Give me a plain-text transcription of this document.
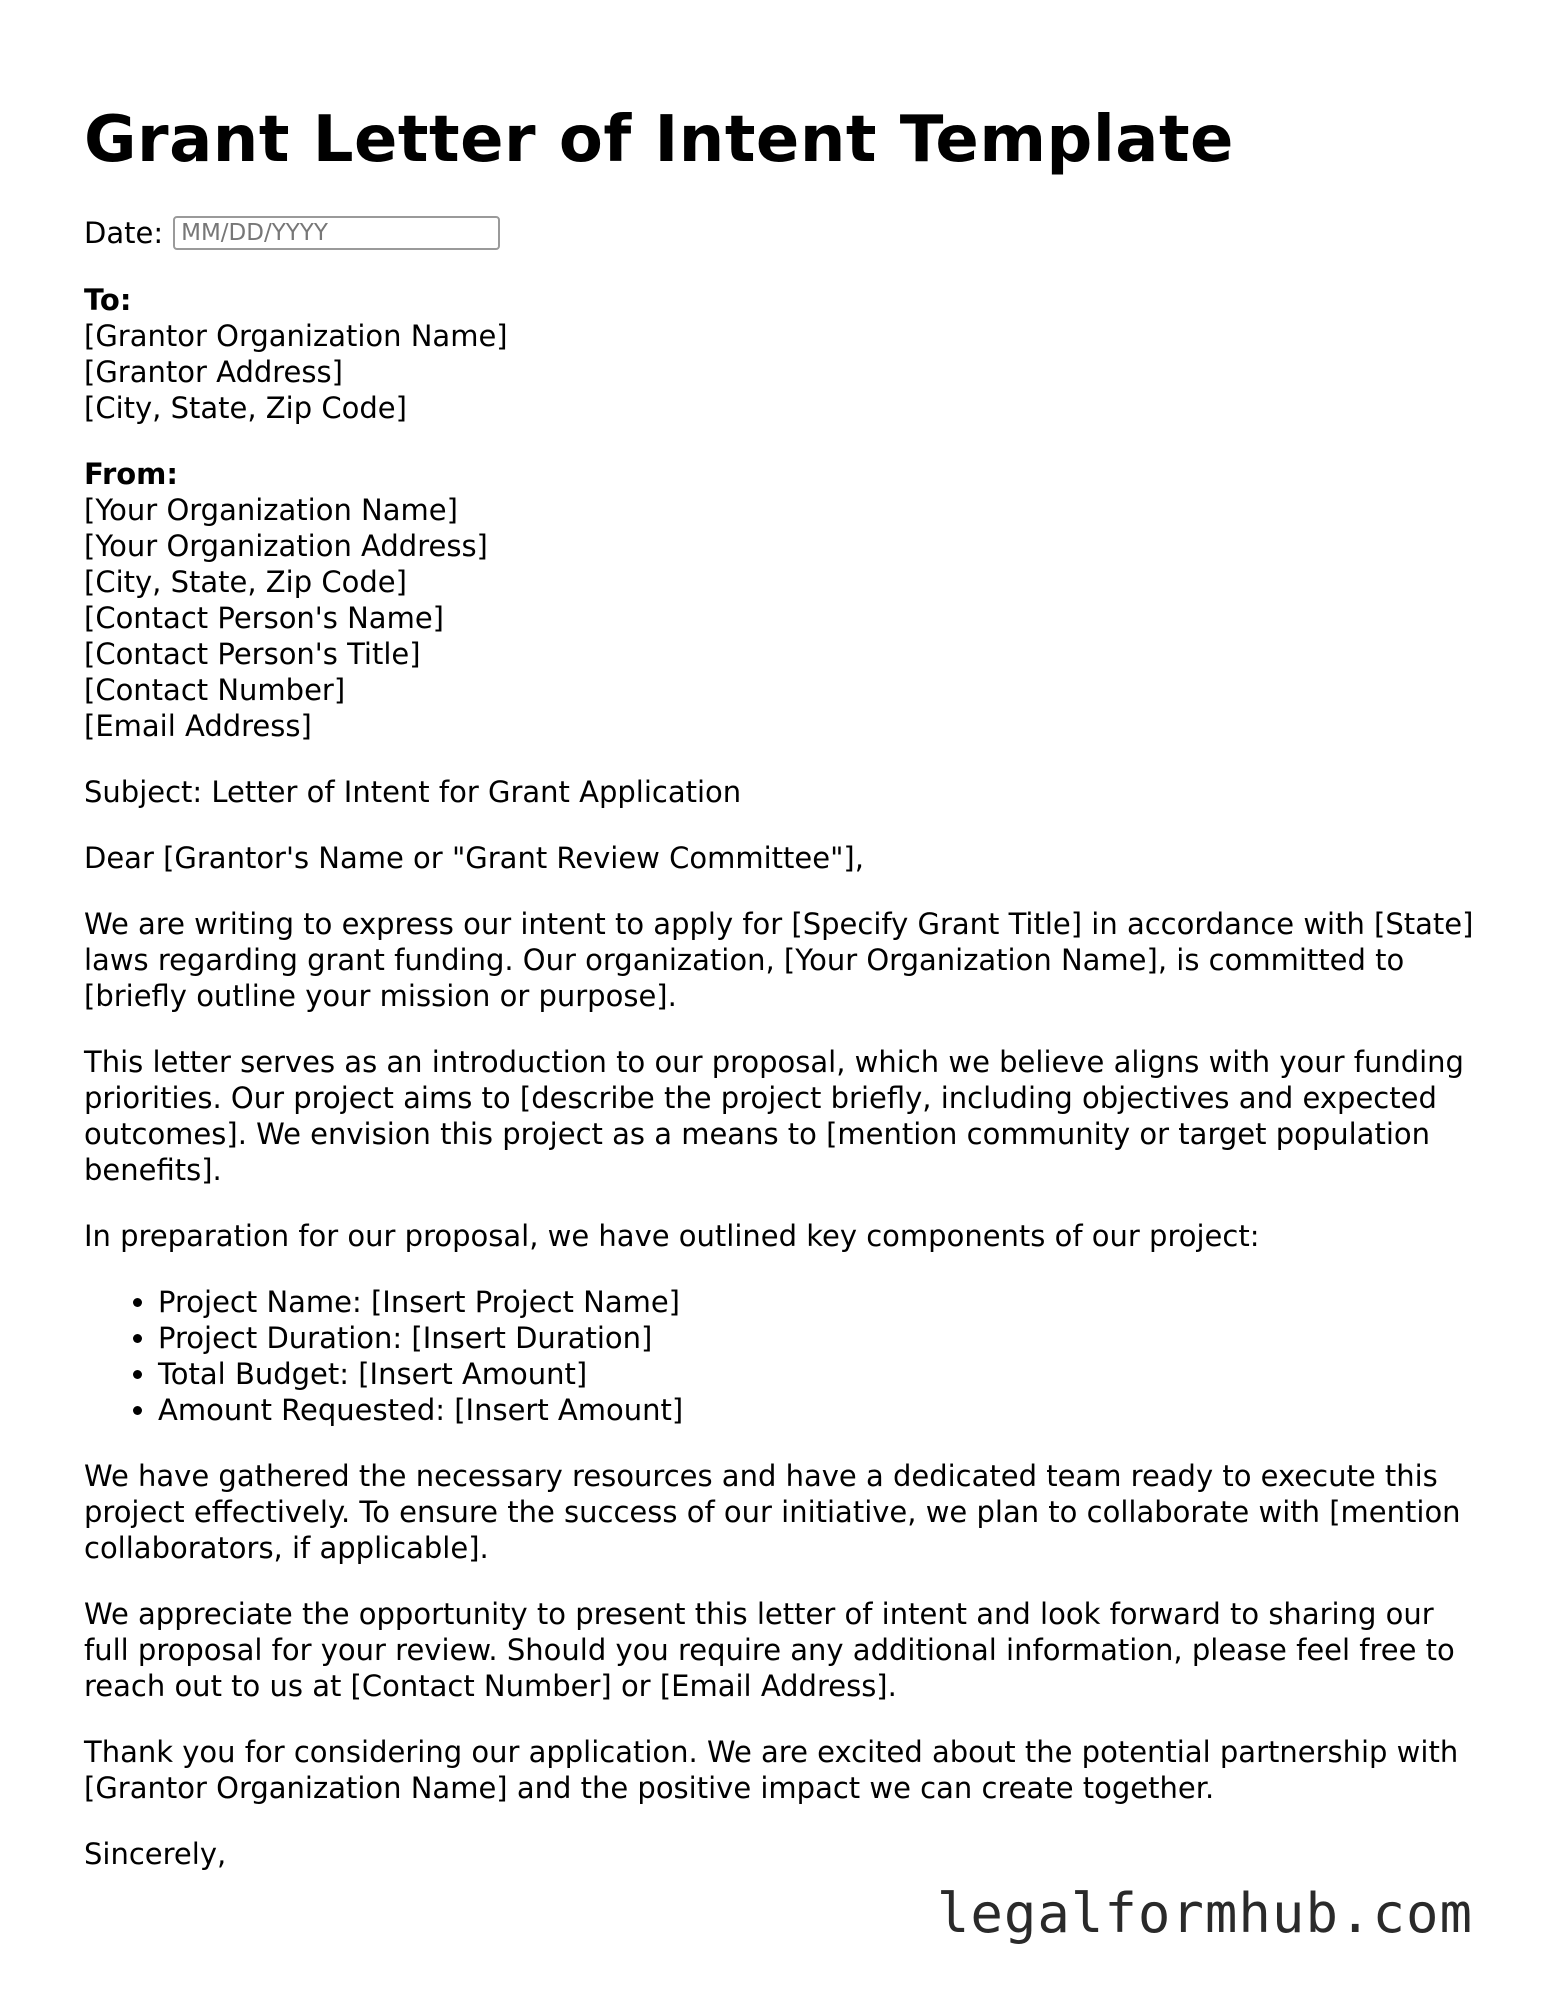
Grant Letter of Intent Template
Date:
MM/DD/YYYY
To:
[Grantor Organization Name]
[Grantor Address]
[City, State, Zip Code]
From:
[Your Organization Name]
[Your Organization Address]
[City, State, Zip Code]
[Contact Person's Name]
[Contact Person's Title]
[Contact Number]
[Email Address]

Subject: Letter of Intent for Grant Application

Dear [Grantor's Name or "Grant Review Committee"],

We are writing to express our intent to apply for [Specify Grant Title] in accordance with [State] laws regarding grant funding. Our organization, [Your Organization Name], is committed to [briefly outline your mission or purpose].

This letter serves as an introduction to our proposal, which we believe aligns with your funding priorities. Our project aims to [describe the project briefly, including objectives and expected outcomes]. We envision this project as a means to [mention community or target population benefits].

In preparation for our proposal, we have outlined key components of our project:

• Project Name: [Insert Project Name]
• Project Duration: [Insert Duration]
• Total Budget: [Insert Amount]
• Amount Requested: [Insert Amount]

We have gathered the necessary resources and have a dedicated team ready to execute this project effectively. To ensure the success of our initiative, we plan to collaborate with [mention collaborators, if applicable].

We appreciate the opportunity to present this letter of intent and look forward to sharing our full proposal for your review. Should you require any additional information, please feel free to reach out to us at [Contact Number] or [Email Address].

Thank you for considering our application. We are excited about the potential partnership with [Grantor Organization Name] and the positive impact we can create together.

Sincerely,

legalformhub.com
